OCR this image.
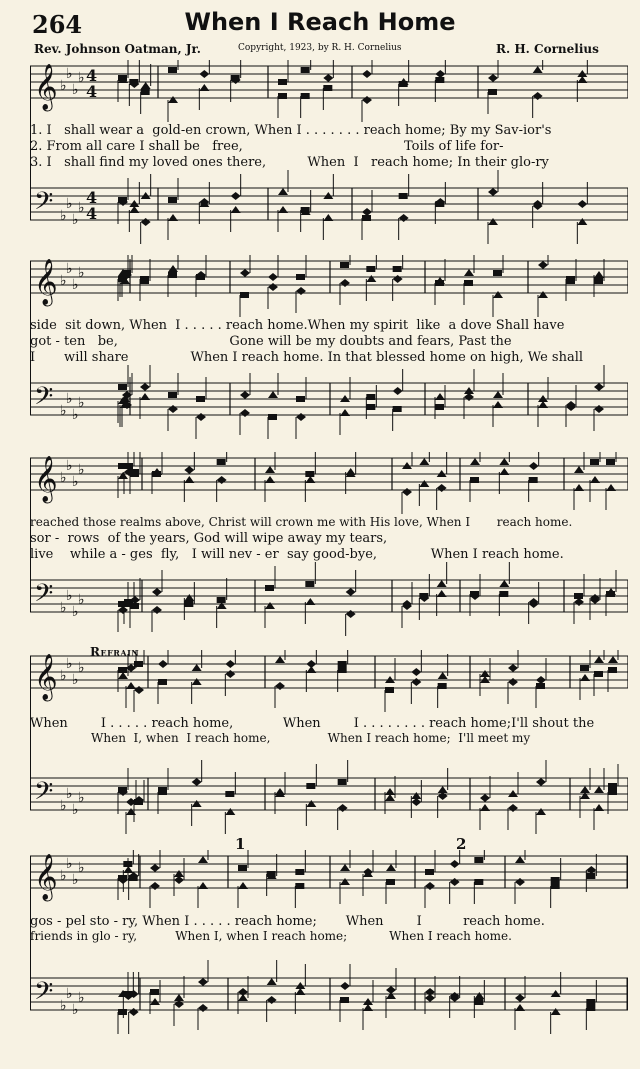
264	When I Reach Home
Rev. Johnson Oatman, Jr.	Copyright, 1923, by R. H. Cornelius	R. H. Cornelius
𝄞 ♭
♭
♭
♭ 4
4
𝄢 ♭
♭
♭
♭
4
4
1. I   shall wear a  gold-en crown, When I . . . . . . . reach home; By my Sav-ior's
2. From all care I shall be   free,                                       Toils of life for-
3. I   shall find my loved ones there,          When  I   reach home; In their glo-ry
𝄞 ♭
♭
♭
♭
𝄢 ♭
♭
♭
♭
side  sit down, When  I . . . . . reach home.When my spirit  like  a dove Shall have
got - ten   be,                           Gone will be my doubts and fears, Past the
I       will share               When I reach home. In that blessed home on high, We shall
𝄞 ♭
♭
♭
♭
𝄢 ♭
♭
♭
♭
reached those realms above, Christ will crown me with His love, When I       reach home.
sor -  rows  of the years, God will wipe away my tears,
live    while a - ges  fly,   I will nev - er  say good-bye,             When I reach home.
Refrain
𝄞 ♭
♭
♭
♭
𝄢 ♭
♭
♭
♭
When        I . . . . . reach home,            When        I . . . . . . . . reach home;I'll shout the
When  I, when  I reach home,               When I reach home;  I'll meet my
𝄞 ♭
♭
♭
♭
𝄢 ♭
♭
♭
♭
gos - pel sto - ry, When I . . . . . reach home;       When        I          reach home.
friends in glo - ry,          When I, when I reach home;           When I reach home.
1	2
